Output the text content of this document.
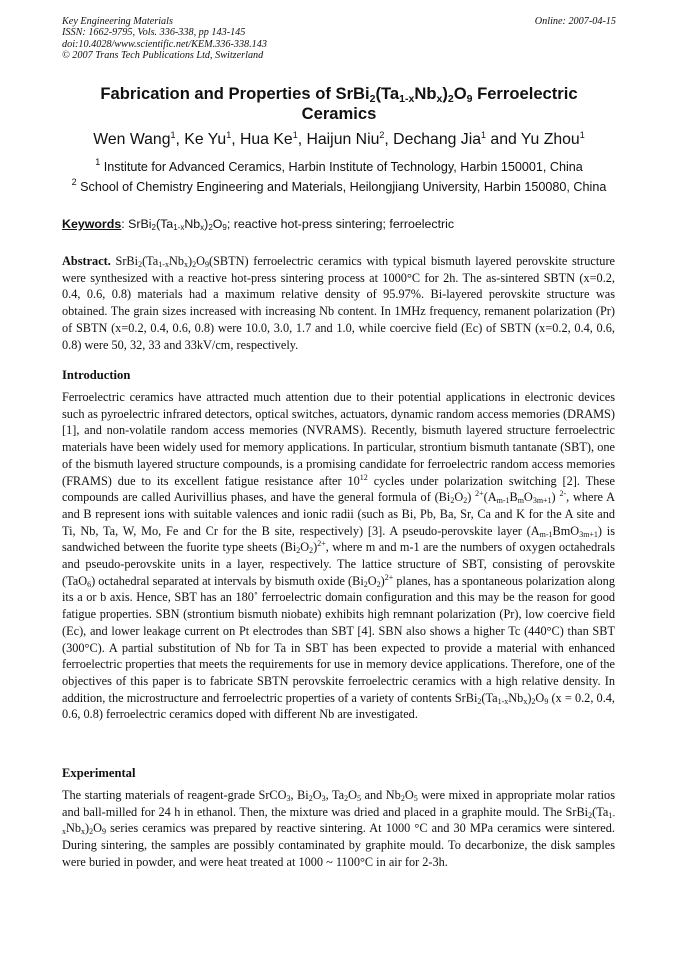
Key Engineering Materials
ISSN: 1662-9795, Vols. 336-338, pp 143-145
doi:10.4028/www.scientific.net/KEM.336-338.143
© 2007 Trans Tech Publications Ltd, Switzerland
Online: 2007-04-15
Fabrication and Properties of $SrBi_2(Ta_{1-x}Nb_x)_2O_9$ Ferroelectric
Ceramics
Wen Wang$^1$, Ke Yu$^1$, Hua Ke$^1$, Haijun Niu$^2$, Dechang Jia$^1$ and Yu Zhou$^1$
$^1$ Institute for Advanced Ceramics, Harbin Institute of Technology, Harbin 150001, China
$^2$ School of Chemistry Engineering and Materials, Heilongjiang University, Harbin 150080, China
Keywords: $SrBi_2(Ta_{1-x}Nb_x)_2O_9$; reactive hot-press sintering; ferroelectric
Abstract. $SrBi_2(Ta_{1-x}Nb_x)_2O_9(SBTN)$ ferroelectric ceramics with typical bismuth layered perovskite structure were synthesized with a reactive hot-press sintering process at 1000°C for 2h. The as-sintered SBTN (x=0.2, 0.4, 0.6, 0.8) materials had a maximum relative density of 95.97%. Bi-layered perovskite structure was obtained. The grain sizes increased with increasing Nb content. In 1MHz frequency, remanent polarization (Pr) of SBTN (x=0.2, 0.4, 0.6, 0.8) were 10.0, 3.0, 1.7 and 1.0, while coercive field (Ec) of SBTN (x=0.2, 0.4, 0.6, 0.8) were 50, 32, 33 and 33kV/cm, respectively.
Introduction
Ferroelectric ceramics have attracted much attention due to their potential applications in electronic devices such as pyroelectric infrared detectors, optical switches, actuators, dynamic random access memories (DRAMS) [1], and non-volatile random access memories (NVRAMS). Recently, bismuth layered structure ferroelectric materials have been widely used for memory applications. In particular, strontium bismuth tantanate (SBT), one of the bismuth layered structure compounds, is a promising candidate for ferroelectric random access memories (FRAMS) due to its excellent fatigue resistance after $10^{12}$ cycles under polarization switching [2]. These compounds are called Aurivillius phases, and have the general formula of $(Bi_2O_2)$ $^{2+}(A_{m-1}B_mO_{3m+1})$ $^{2-}$, where A and B represent ions with suitable valences and ionic radii (such as Bi, Pb, Ba, Sr, Ca and K for the A site and Ti, Nb, Ta, W, Mo, Fe and Cr for the B site, respectively) [3]. A pseudo-perovskite layer $(A_{m-1}BmO_{3m+1})$ is sandwiched between the fuorite type sheets $(Bi_2O_2)^{2+}$, where m and m-1 are the numbers of oxygen octahedrals and pseudo-perovskite units in a layer, respectively. The lattice structure of SBT, consisting of perovskite (TaO$_6$) octahedral separated at intervals by bismuth oxide $(Bi_2O_2)^{2+}$ planes, has a spontaneous polarization along its a or b axis. Hence, SBT has an 180˚ ferroelectric domain configuration and this may be the reason for good fatigue properties. SBN (strontium bismuth niobate) exhibits high remnant polarization (Pr), low coercive field (Ec), and lower leakage current on Pt electrodes than SBT [4]. SBN also shows a higher Tc (440°C) than SBT (300°C). A partial substitution of Nb for Ta in SBT has been expected to provide a material with enhanced ferroelectric properties that meets the requirements for use in memory device applications. Therefore, one of the objectives of this paper is to fabricate SBTN perovskite ferroelectric ceramics with a high relative density. In addition, the microstructure and ferroelectric properties of a variety of contents $SrBi_2(Ta_{1-x}Nb_x)_2O_9$ (x = 0.2, 0.4, 0.6, 0.8) ferroelectric ceramics doped with different Nb are investigated.
Experimental
The starting materials of reagent-grade SrCO$_3$, $Bi_2O_3$, $Ta_2O_5$ and $Nb_2O_5$ were mixed in appropriate molar ratios and ball-milled for 24 h in ethanol. Then, the mixture was dried and placed in a graphite mould. The $SrBi_2(Ta_{1-x}Nb_x)_2O_9$ series ceramics was prepared by reactive sintering. At 1000 °C and 30 MPa ceramics were sintered. During sintering, the samples are possibly contaminated by graphite mould. To decarbonize, the disk samples were buried in powder, and were heat treated at 1000 ~ 1100°C in air for 2-3h.
